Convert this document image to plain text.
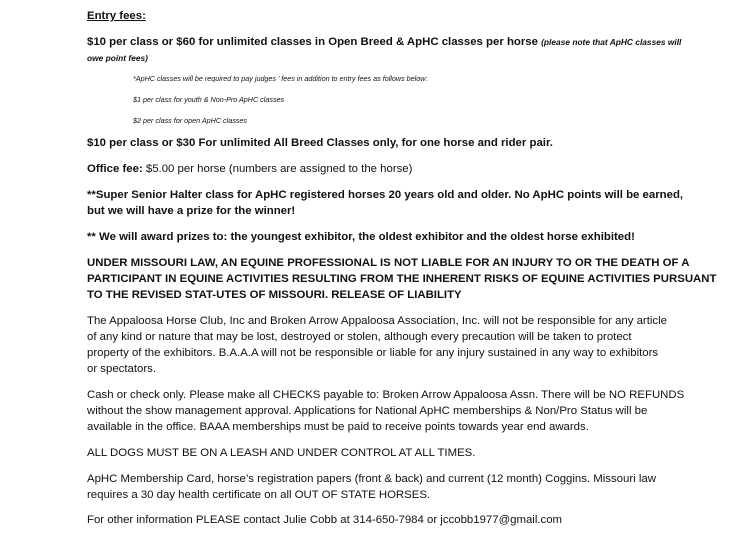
Entry fees:

$10 per class or $60 for unlimited classes in Open Breed & ApHC classes per horse (please note that ApHC classes will

owe point fees)

*ApHC classes will be required to pay judges ’ fees in addition to entry fees as follows below:

$1 per class for youth & Non-Pro ApHC classes

$2 per class for open ApHC classes

$10 per class or $30 For unlimited All Breed Classes only, for one horse and rider pair.

Office fee: $5.00 per horse (numbers are assigned to the horse)

**Super Senior Halter class for ApHC registered horses 20 years old and older. No ApHC points will be earned,

but we will have a prize for the winner!

** We will award prizes to: the youngest exhibitor, the oldest exhibitor and the oldest horse exhibited!

UNDER MISSOURI LAW, AN EQUINE PROFESSIONAL IS NOT LIABLE FOR AN INJURY TO OR THE DEATH OF A

PARTICIPANT IN EQUINE ACTIVITIES RESULTING FROM THE INHERENT RISKS OF EQUINE ACTIVITIES PURSUANT

TO THE REVISED STAT-UTES OF MISSOURI. RELEASE OF LIABILITY

The Appaloosa Horse Club, Inc and Broken Arrow Appaloosa Association, Inc. will not be responsible for any article

of any kind or nature that may be lost, destroyed or stolen, although every precaution will be taken to protect

property of the exhibitors. B.A.A.A will not be responsible or liable for any injury sustained in any way to exhibitors

or spectators.

Cash or check only. Please make all CHECKS payable to: Broken Arrow Appaloosa Assn. There will be NO REFUNDS

without the show management approval. Applications for National ApHC memberships & Non/Pro Status will be

available in the office. BAAA memberships must be paid to receive points towards year end awards.

ALL DOGS MUST BE ON A LEASH AND UNDER CONTROL AT ALL TIMES.

ApHC Membership Card, horse’s registration papers (front & back) and current (12 month) Coggins. Missouri law

requires a 30 day health certificate on all OUT OF STATE HORSES.

For other information PLEASE contact Julie Cobb at 314-650-7984 or jccobb1977@gmail.com
